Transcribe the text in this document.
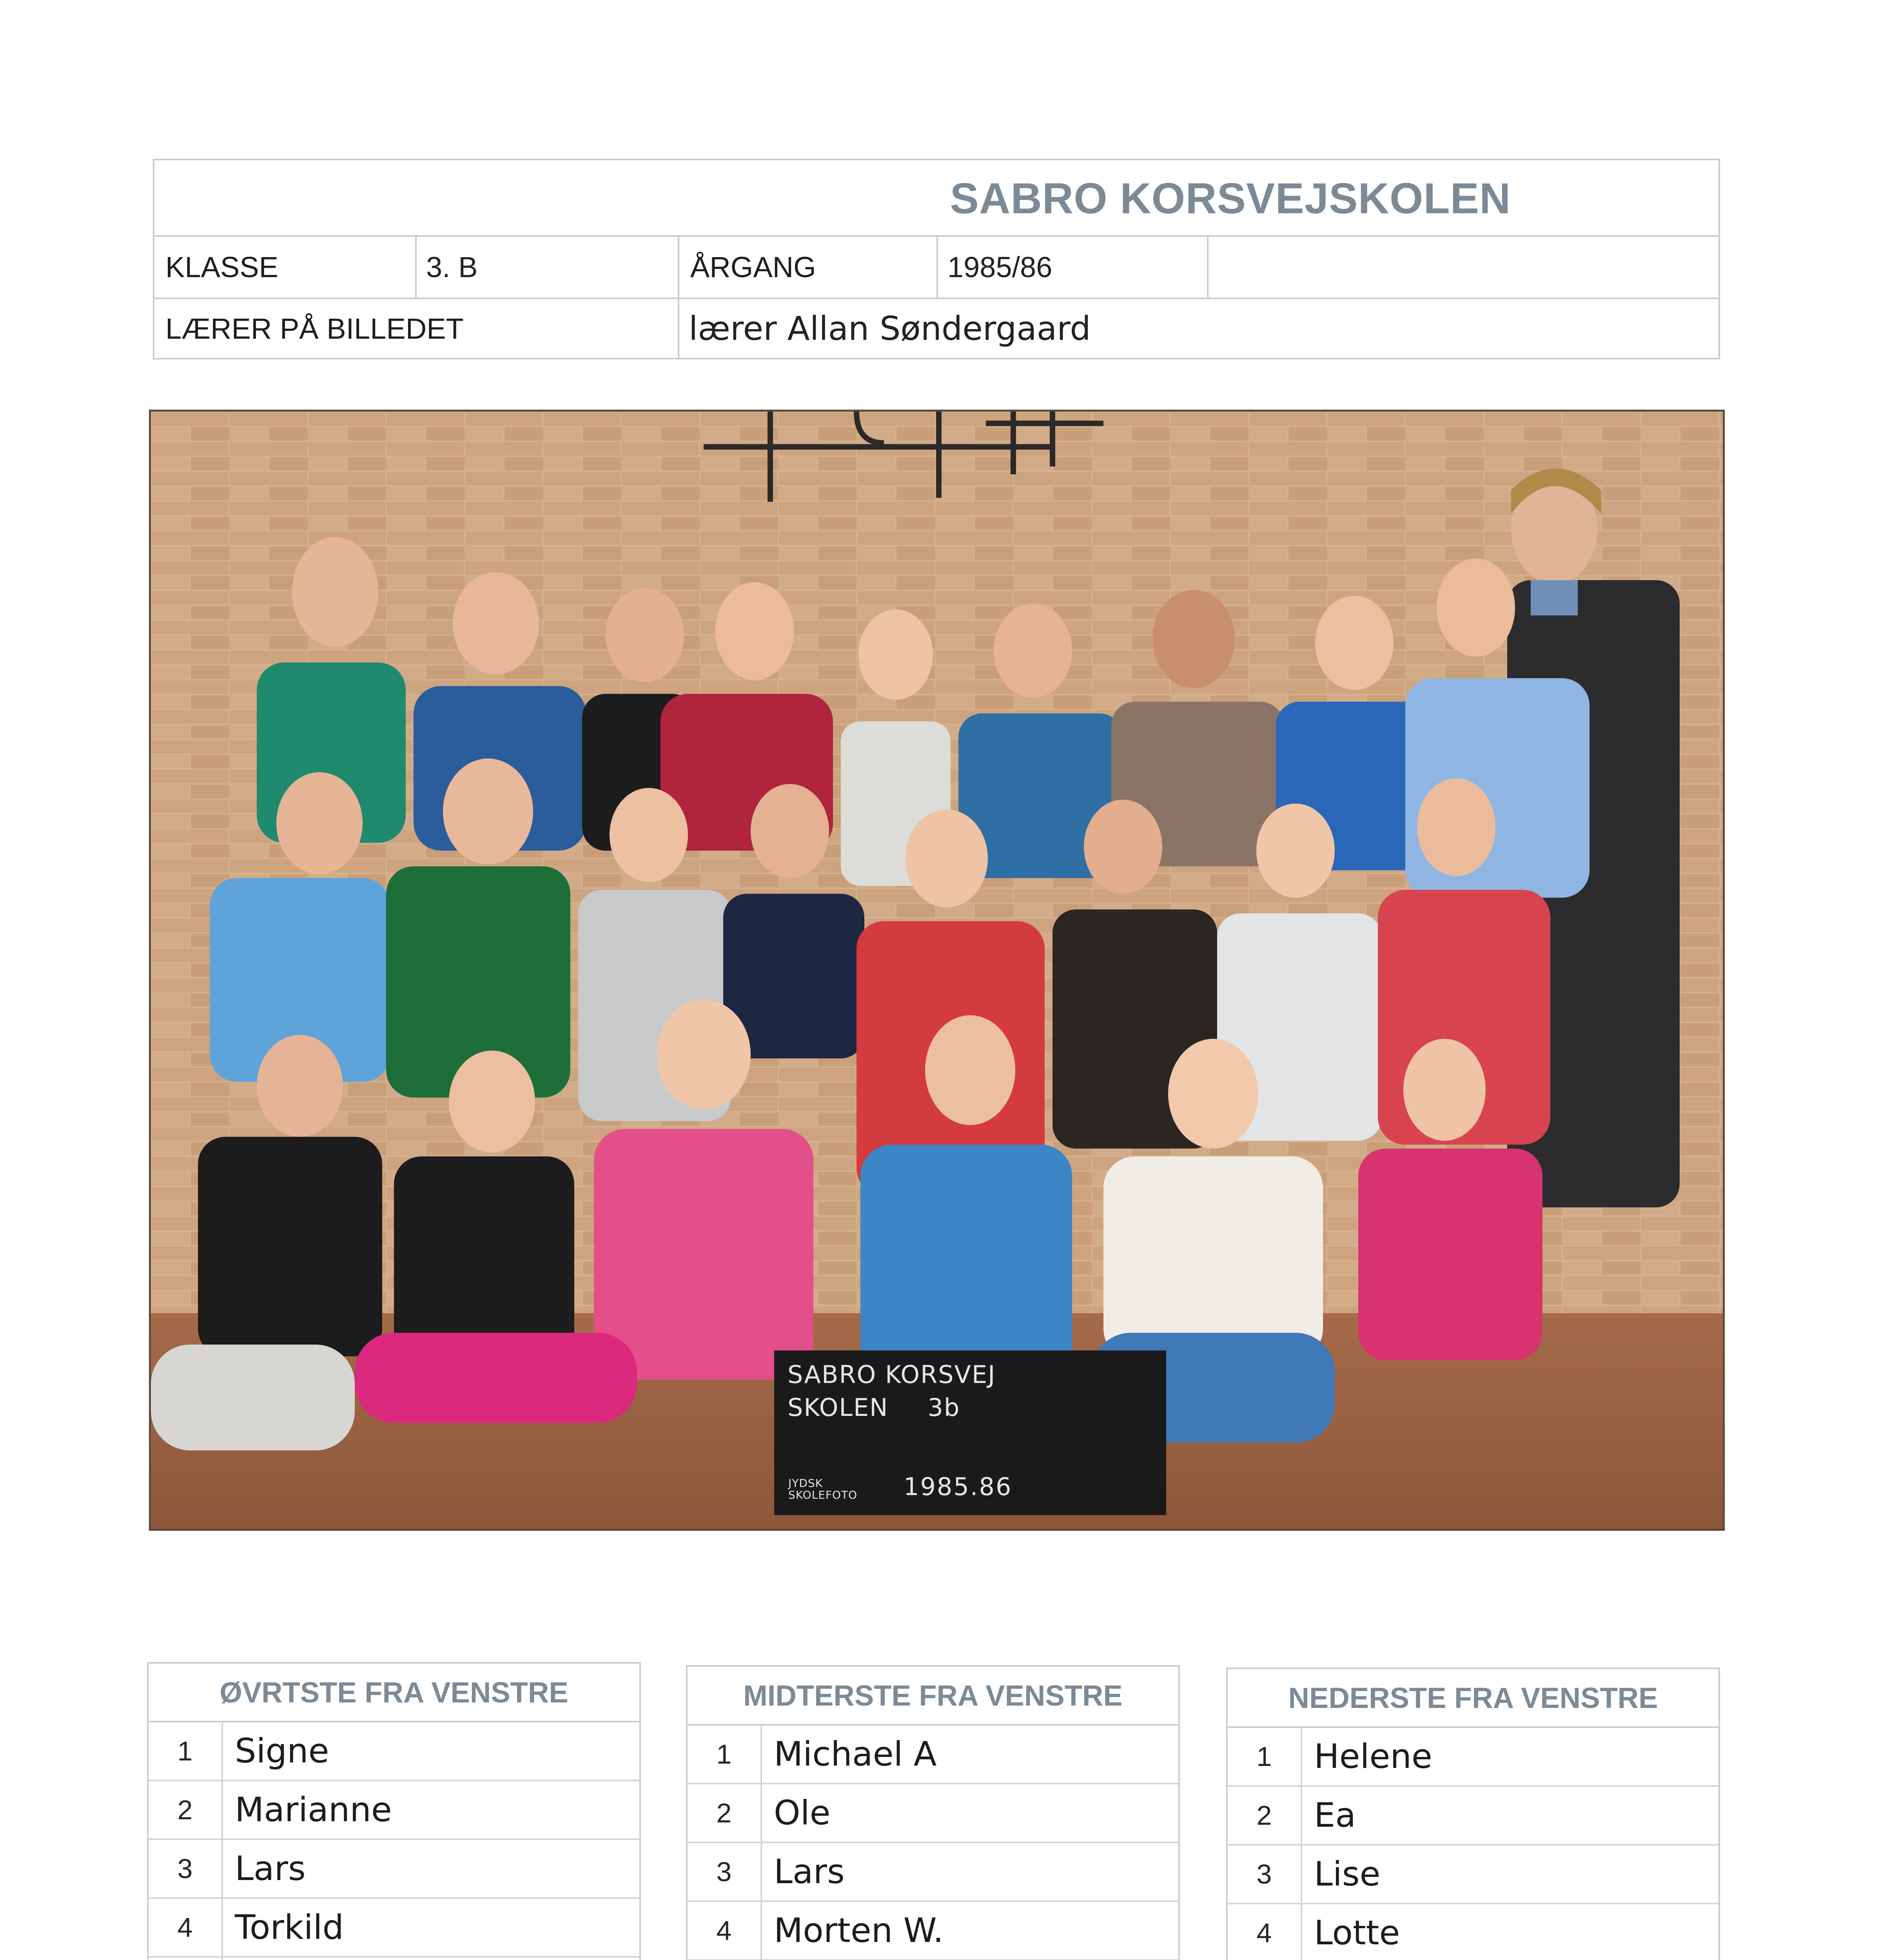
SABRO KORSVEJSKOLEN
KLASSE	3. B	ÅRGANG	1985/86
LÆRER PÅ BILLEDET	lærer Allan Søndergaard
SABRO KORSVEJ
SKOLEN 3b
JYDSK
SKOLEFOTO 1985.86
ØVRTSTE FRA VENSTRE
1	Signe
2	Marianne
3	Lars
4	Torkild
MIDTERSTE FRA VENSTRE
1	Michael A
2	Ole
3	Lars
4	Morten W.
NEDERSTE FRA VENSTRE
1	Helene
2	Ea
3	Lise
4	Lotte
